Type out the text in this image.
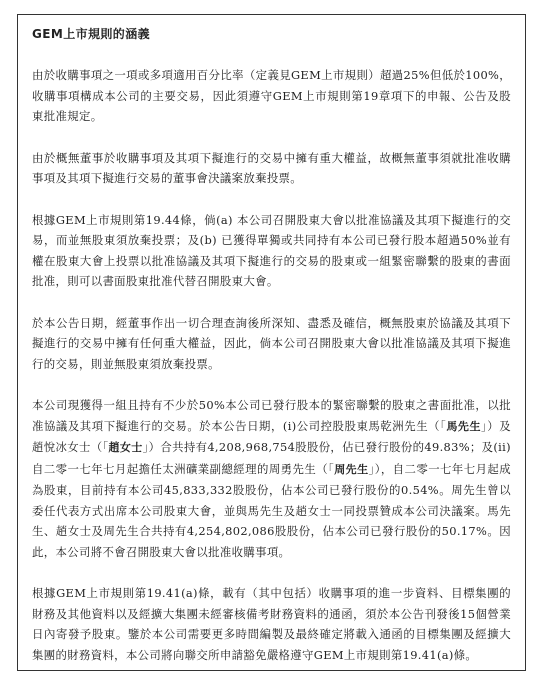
GEM上市規則的涵義

由於收購事項之一項或多項適用百分比率（定義見GEM上市規則）超過25%但低於100%，收購事項構成本公司的主要交易，因此須遵守GEM上市規則第19章項下的申報、公告及股東批准規定。

由於概無董事於收購事項及其項下擬進行的交易中擁有重大權益，故概無董事須就批准收購事項及其項下擬進行交易的董事會決議案放棄投票。

根據GEM上市規則第19.44條，倘(a) 本公司召開股東大會以批准協議及其項下擬進行的交易，而並無股東須放棄投票；及(b) 已獲得單獨或共同持有本公司已發行股本超過50%並有權在股東大會上投票以批准協議及其項下擬進行的交易的股東或一組緊密聯繫的股東的書面批准，則可以書面股東批准代替召開股東大會。

於本公告日期，經董事作出一切合理查詢後所深知、盡悉及確信，概無股東於協議及其項下擬進行的交易中擁有任何重大權益，因此，倘本公司召開股東大會以批准協議及其項下擬進行的交易，則並無股東須放棄投票。

本公司現獲得一組且持有不少於50%本公司已發行股本的緊密聯繫的股東之書面批准，以批准協議及其項下擬進行的交易。於本公告日期，(i)公司控股股東馬乾洲先生（「馬先生」）及趙悅冰女士（「趙女士」）合共持有4,208,968,754股股份，佔已發行股份的49.83%；及(ii)自二零一七年七月起擔任太洲礦業副總經理的周勇先生（「周先生」），自二零一七年七月起成為股東，目前持有本公司45,833,332股股份，佔本公司已發行股份的0.54%。周先生曾以委任代表方式出席本公司股東大會，並與馬先生及趙女士一同投票贊成本公司決議案。馬先生、趙女士及周先生合共持有4,254,802,086股股份，佔本公司已發行股份的50.17%。因此，本公司將不會召開股東大會以批准收購事項。

根據GEM上市規則第19.41(a)條，載有（其中包括）收購事項的進一步資料、目標集團的財務及其他資料以及經擴大集團未經審核備考財務資料的通函，須於本公告刊發後15個營業日內寄發予股東。鑒於本公司需要更多時間編製及最終確定將載入通函的目標集團及經擴大集團的財務資料，本公司將向聯交所申請豁免嚴格遵守GEM上市規則第19.41(a)條。
